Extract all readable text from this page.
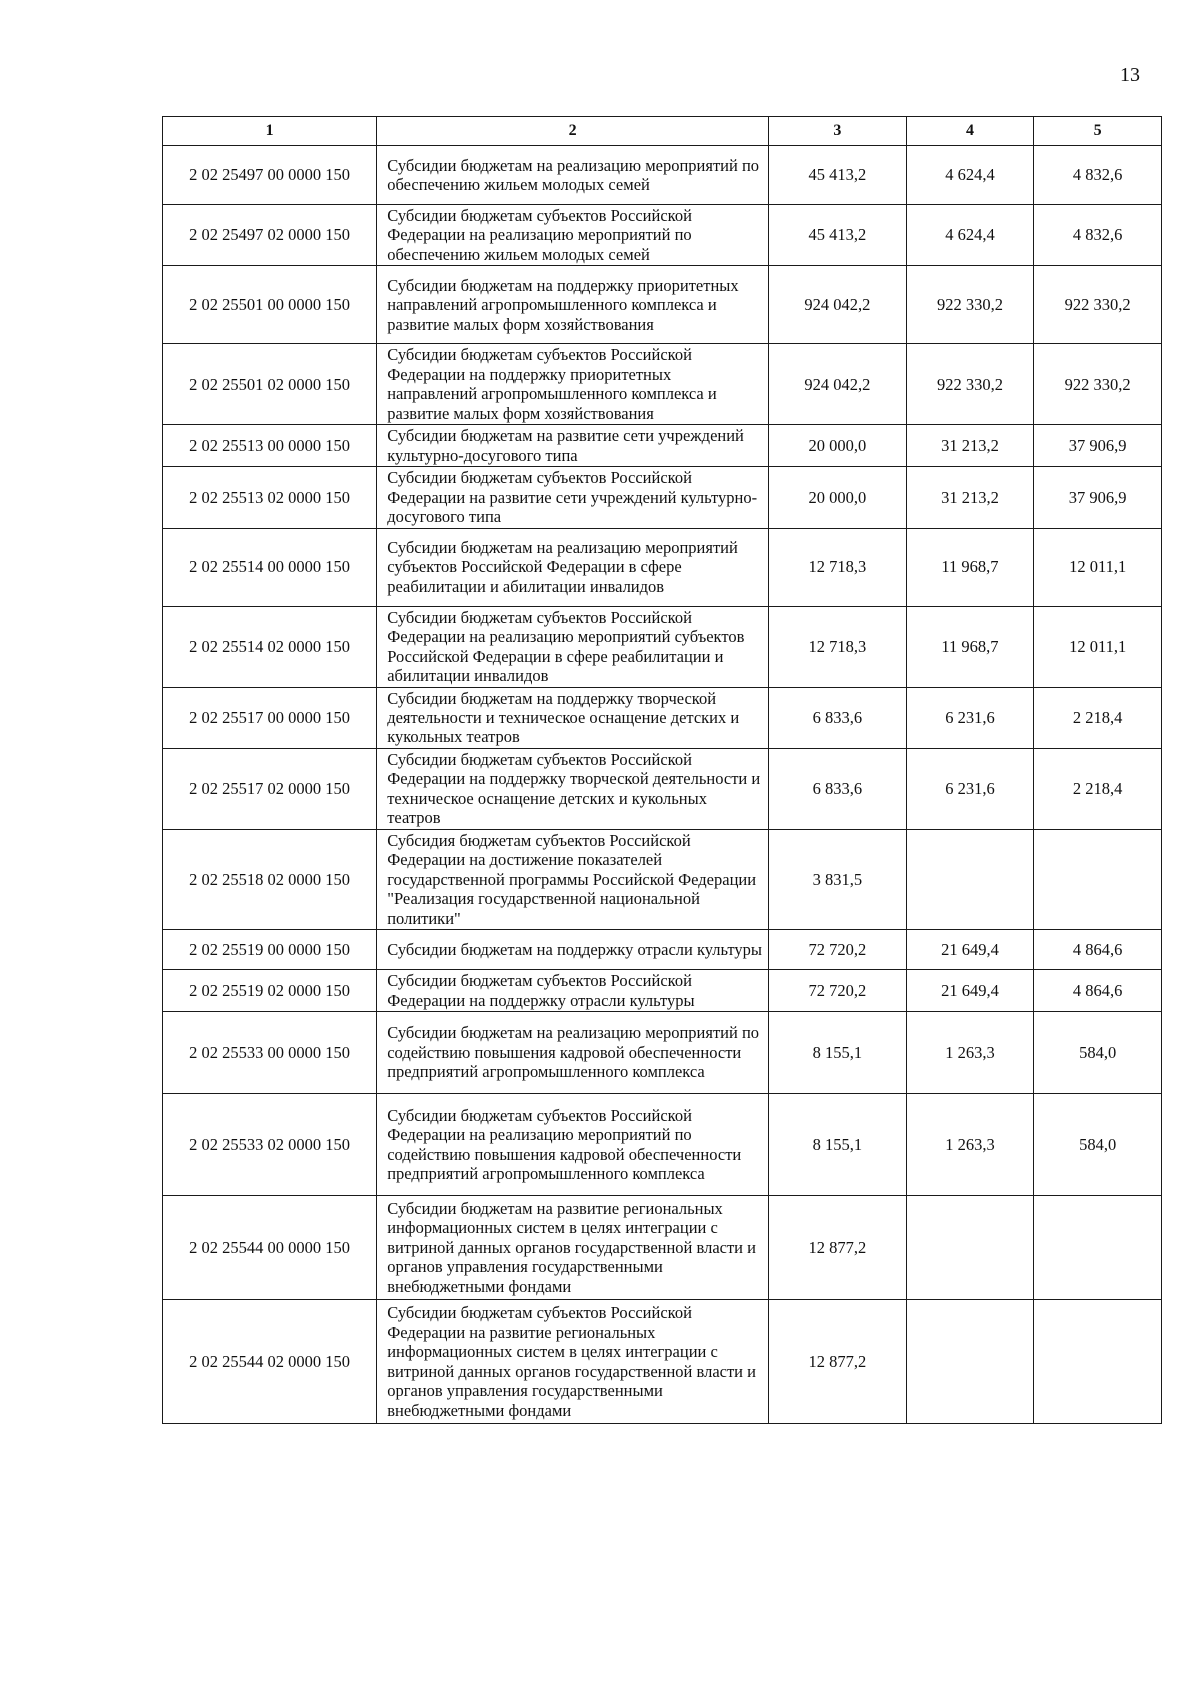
13
1	2	3	4	5
2 02 25497 00 0000 150	Субсидии бюджетам на реализацию мероприятий по обеспечению жильем молодых семей	45 413,2	4 624,4	4 832,6
2 02 25497 02 0000 150	Субсидии бюджетам субъектов Российской Федерации на реализацию мероприятий по обеспечению жильем молодых семей	45 413,2	4 624,4	4 832,6
2 02 25501 00 0000 150	Субсидии бюджетам на поддержку приоритетных направлений агропромышленного комплекса и развитие малых форм хозяйствования	924 042,2	922 330,2	922 330,2
2 02 25501 02 0000 150	Субсидии бюджетам субъектов Российской Федерации на поддержку приоритетных направлений агропромышленного комплекса и развитие малых форм хозяйствования	924 042,2	922 330,2	922 330,2
2 02 25513 00 0000 150	Субсидии бюджетам на развитие сети учреждений культурно-досугового типа	20 000,0	31 213,2	37 906,9
2 02 25513 02 0000 150	Субсидии бюджетам субъектов Российской Федерации на развитие сети учреждений культурно-досугового типа	20 000,0	31 213,2	37 906,9
2 02 25514 00 0000 150	Субсидии бюджетам на реализацию мероприятий субъектов Российской Федерации в сфере реабилитации и абилитации инвалидов	12 718,3	11 968,7	12 011,1
2 02 25514 02 0000 150	Субсидии бюджетам субъектов Российской Федерации на реализацию мероприятий субъектов Российской Федерации в сфере реабилитации и абилитации инвалидов	12 718,3	11 968,7	12 011,1
2 02 25517 00 0000 150	Субсидии бюджетам на поддержку творческой деятельности и техническое оснащение детских и кукольных театров	6 833,6	6 231,6	2 218,4
2 02 25517 02 0000 150	Субсидии бюджетам субъектов Российской Федерации на поддержку творческой деятельности и техническое оснащение детских и кукольных театров	6 833,6	6 231,6	2 218,4
2 02 25518 02 0000 150	Субсидия бюджетам субъектов Российской Федерации на достижение показателей государственной программы Российской Федерации "Реализация государственной национальной политики"	3 831,5		
2 02 25519 00 0000 150	Субсидии бюджетам на поддержку отрасли культуры	72 720,2	21 649,4	4 864,6
2 02 25519 02 0000 150	Субсидии бюджетам субъектов Российской Федерации на поддержку отрасли культуры	72 720,2	21 649,4	4 864,6
2 02 25533 00 0000 150	Субсидии бюджетам на реализацию мероприятий по содействию повышения кадровой обеспеченности предприятий агропромышленного комплекса	8 155,1	1 263,3	584,0
2 02 25533 02 0000 150	Субсидии бюджетам субъектов Российской Федерации на реализацию мероприятий по содействию повышения кадровой обеспеченности предприятий агропромышленного комплекса	8 155,1	1 263,3	584,0
2 02 25544 00 0000 150	Субсидии бюджетам на развитие региональных информационных систем в целях интеграции с витриной данных органов государственной власти и органов управления государственными внебюджетными фондами	12 877,2		
2 02 25544 02 0000 150	Субсидии бюджетам субъектов Российской Федерации на развитие региональных информационных систем в целях интеграции с витриной данных органов государственной власти и органов управления государственными внебюджетными фондами	12 877,2		
